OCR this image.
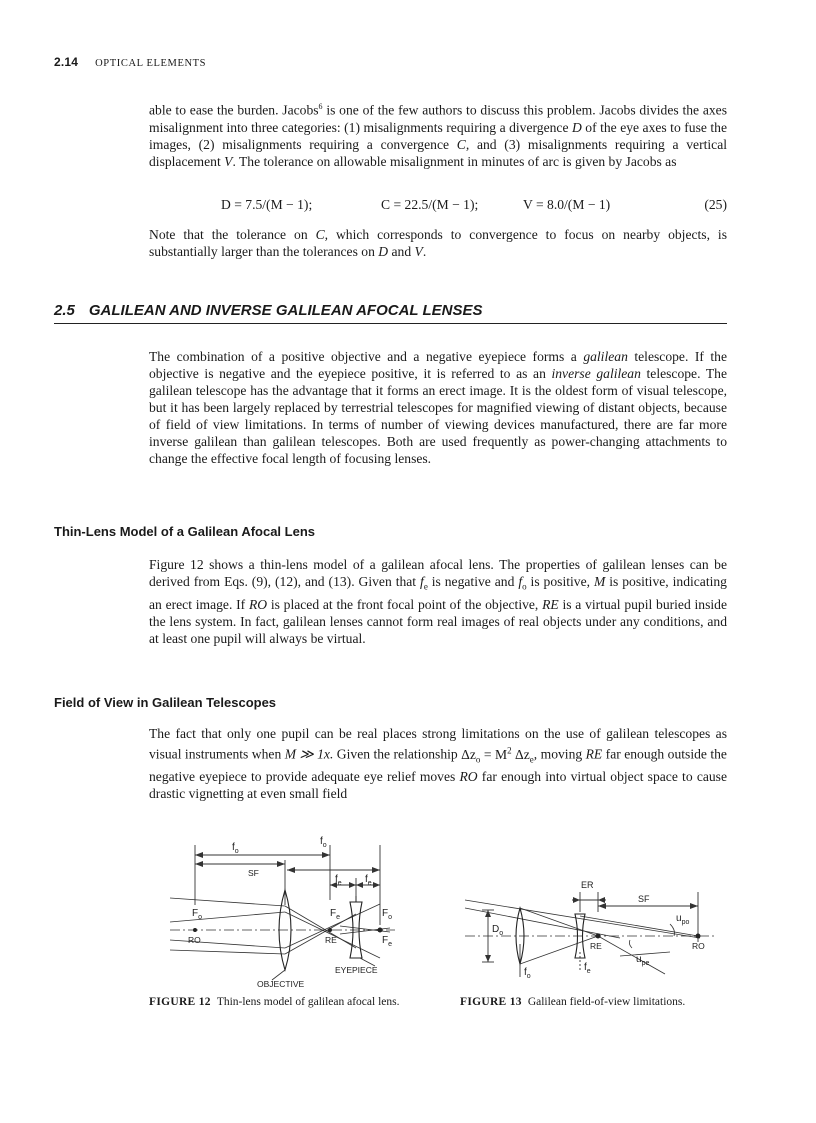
2.14 OPTICAL ELEMENTS

able to ease the burden. Jacobs$^6$ is one of the few authors to discuss this problem. Jacobs divides the axes misalignment into three categories: (1) misalignments requiring a divergence D of the eye axes to fuse the images, (2) misalignments requiring a convergence C, and (3) misalignments requiring a vertical displacement V. The tolerance on allowable misalignment in minutes of arc is given by Jacobs as

D = 7.5/(M − 1);	C = 22.5/(M − 1);	V = 8.0/(M − 1)	(25)

Note that the tolerance on C, which corresponds to convergence to focus on nearby objects, is substantially larger than the tolerances on D and V.

2.5 GALILEAN AND INVERSE GALILEAN AFOCAL LENSES

The combination of a positive objective and a negative eyepiece forms a galilean telescope. If the objective is negative and the eyepiece positive, it is referred to as an inverse galilean telescope. The galilean telescope has the advantage that it forms an erect image. It is the oldest form of visual telescope, but it has been largely replaced by terrestrial telescopes for magnified viewing of distant objects, because of field of view limitations. In terms of number of viewing devices manufactured, there are far more inverse galilean than galilean telescopes. Both are used frequently as power-changing attachments to change the effective focal length of focusing lenses.

Thin-Lens Model of a Galilean Afocal Lens

Figure 12 shows a thin-lens model of a galilean afocal lens. The properties of galilean lenses can be derived from Eqs. (9), (12), and (13). Given that $f_e$ is negative and $f_o$ is positive, M is positive, indicating an erect image. If RO is placed at the front focal point of the objective, RE is a virtual pupil buried inside the lens system. In fact, galilean lenses cannot form real images of real objects under any conditions, and at least one pupil will always be virtual.

Field of View in Galilean Telescopes

The fact that only one pupil can be real places strong limitations on the use of galilean telescopes as visual instruments when M ≫ 1x. Given the relationship $\Delta z_o = M^2$ $\Delta z_e$, moving RE far enough outside the negative eyepiece to provide adequate eye relief moves RO far enough into virtual object space to cause drastic vignetting at even small field

$f_o$
$f_o$
SF
$f_e$ $f_e$
$F_o$
RO
$F_e$
RE
$F_o$
$F_e$
EYEPIECE
OBJECTIVE
FIGURE 12 Thin-lens model of galilean afocal lens.
ER
SF
$u_{po}$
$D_o$
RE	RO
$u_{pe}$
$f_o$
$f_e$
FIGURE 13 Galilean field-of-view limitations.
